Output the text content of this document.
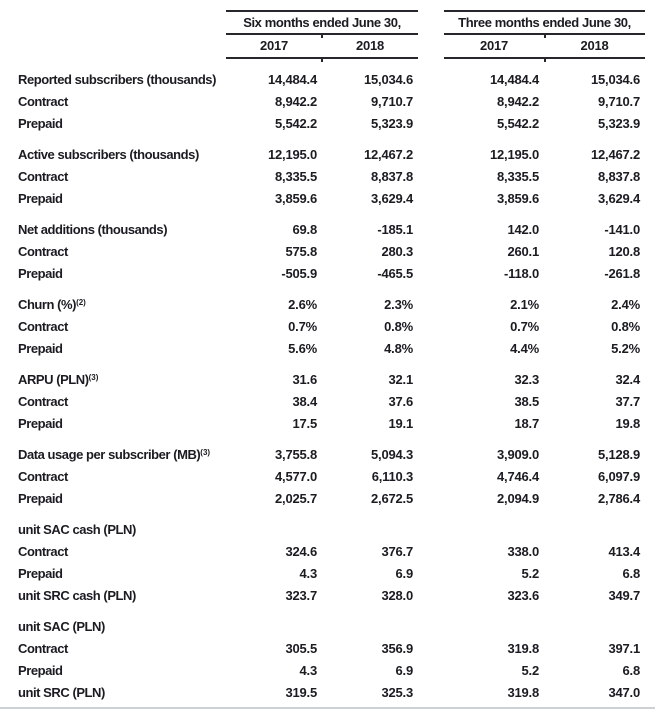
Six months ended June 30,	Three months ended June 30,
2017	2018	2017	2018
Reported subscribers (thousands)	14,484.4	15,034.6	14,484.4	15,034.6
Contract	8,942.2	9,710.7	8,942.2	9,710.7
Prepaid	5,542.2	5,323.9	5,542.2	5,323.9
Active subscribers (thousands)	12,195.0	12,467.2	12,195.0	12,467.2
Contract	8,335.5	8,837.8	8,335.5	8,837.8
Prepaid	3,859.6	3,629.4	3,859.6	3,629.4
Net additions (thousands)	69.8	-185.1	142.0	-141.0
Contract	575.8	280.3	260.1	120.8
Prepaid	-505.9	-465.5	-118.0	-261.8
Churn (%)$^{(2)}$	2.6%	2.3%	2.1%	2.4%
Contract	0.7%	0.8%	0.7%	0.8%
Prepaid	5.6%	4.8%	4.4%	5.2%
ARPU (PLN)$^{(3)}$	31.6	32.1	32.3	32.4
Contract	38.4	37.6	38.5	37.7
Prepaid	17.5	19.1	18.7	19.8
Data usage per subscriber (MB)$^{(3)}$	3,755.8	5,094.3	3,909.0	5,128.9
Contract	4,577.0	6,110.3	4,746.4	6,097.9
Prepaid	2,025.7	2,672.5	2,094.9	2,786.4
unit SAC cash (PLN)
Contract	324.6	376.7	338.0	413.4
Prepaid	4.3	6.9	5.2	6.8
unit SRC cash (PLN)	323.7	328.0	323.6	349.7
unit SAC (PLN)
Contract	305.5	356.9	319.8	397.1
Prepaid	4.3	6.9	5.2	6.8
unit SRC (PLN)	319.5	325.3	319.8	347.0
